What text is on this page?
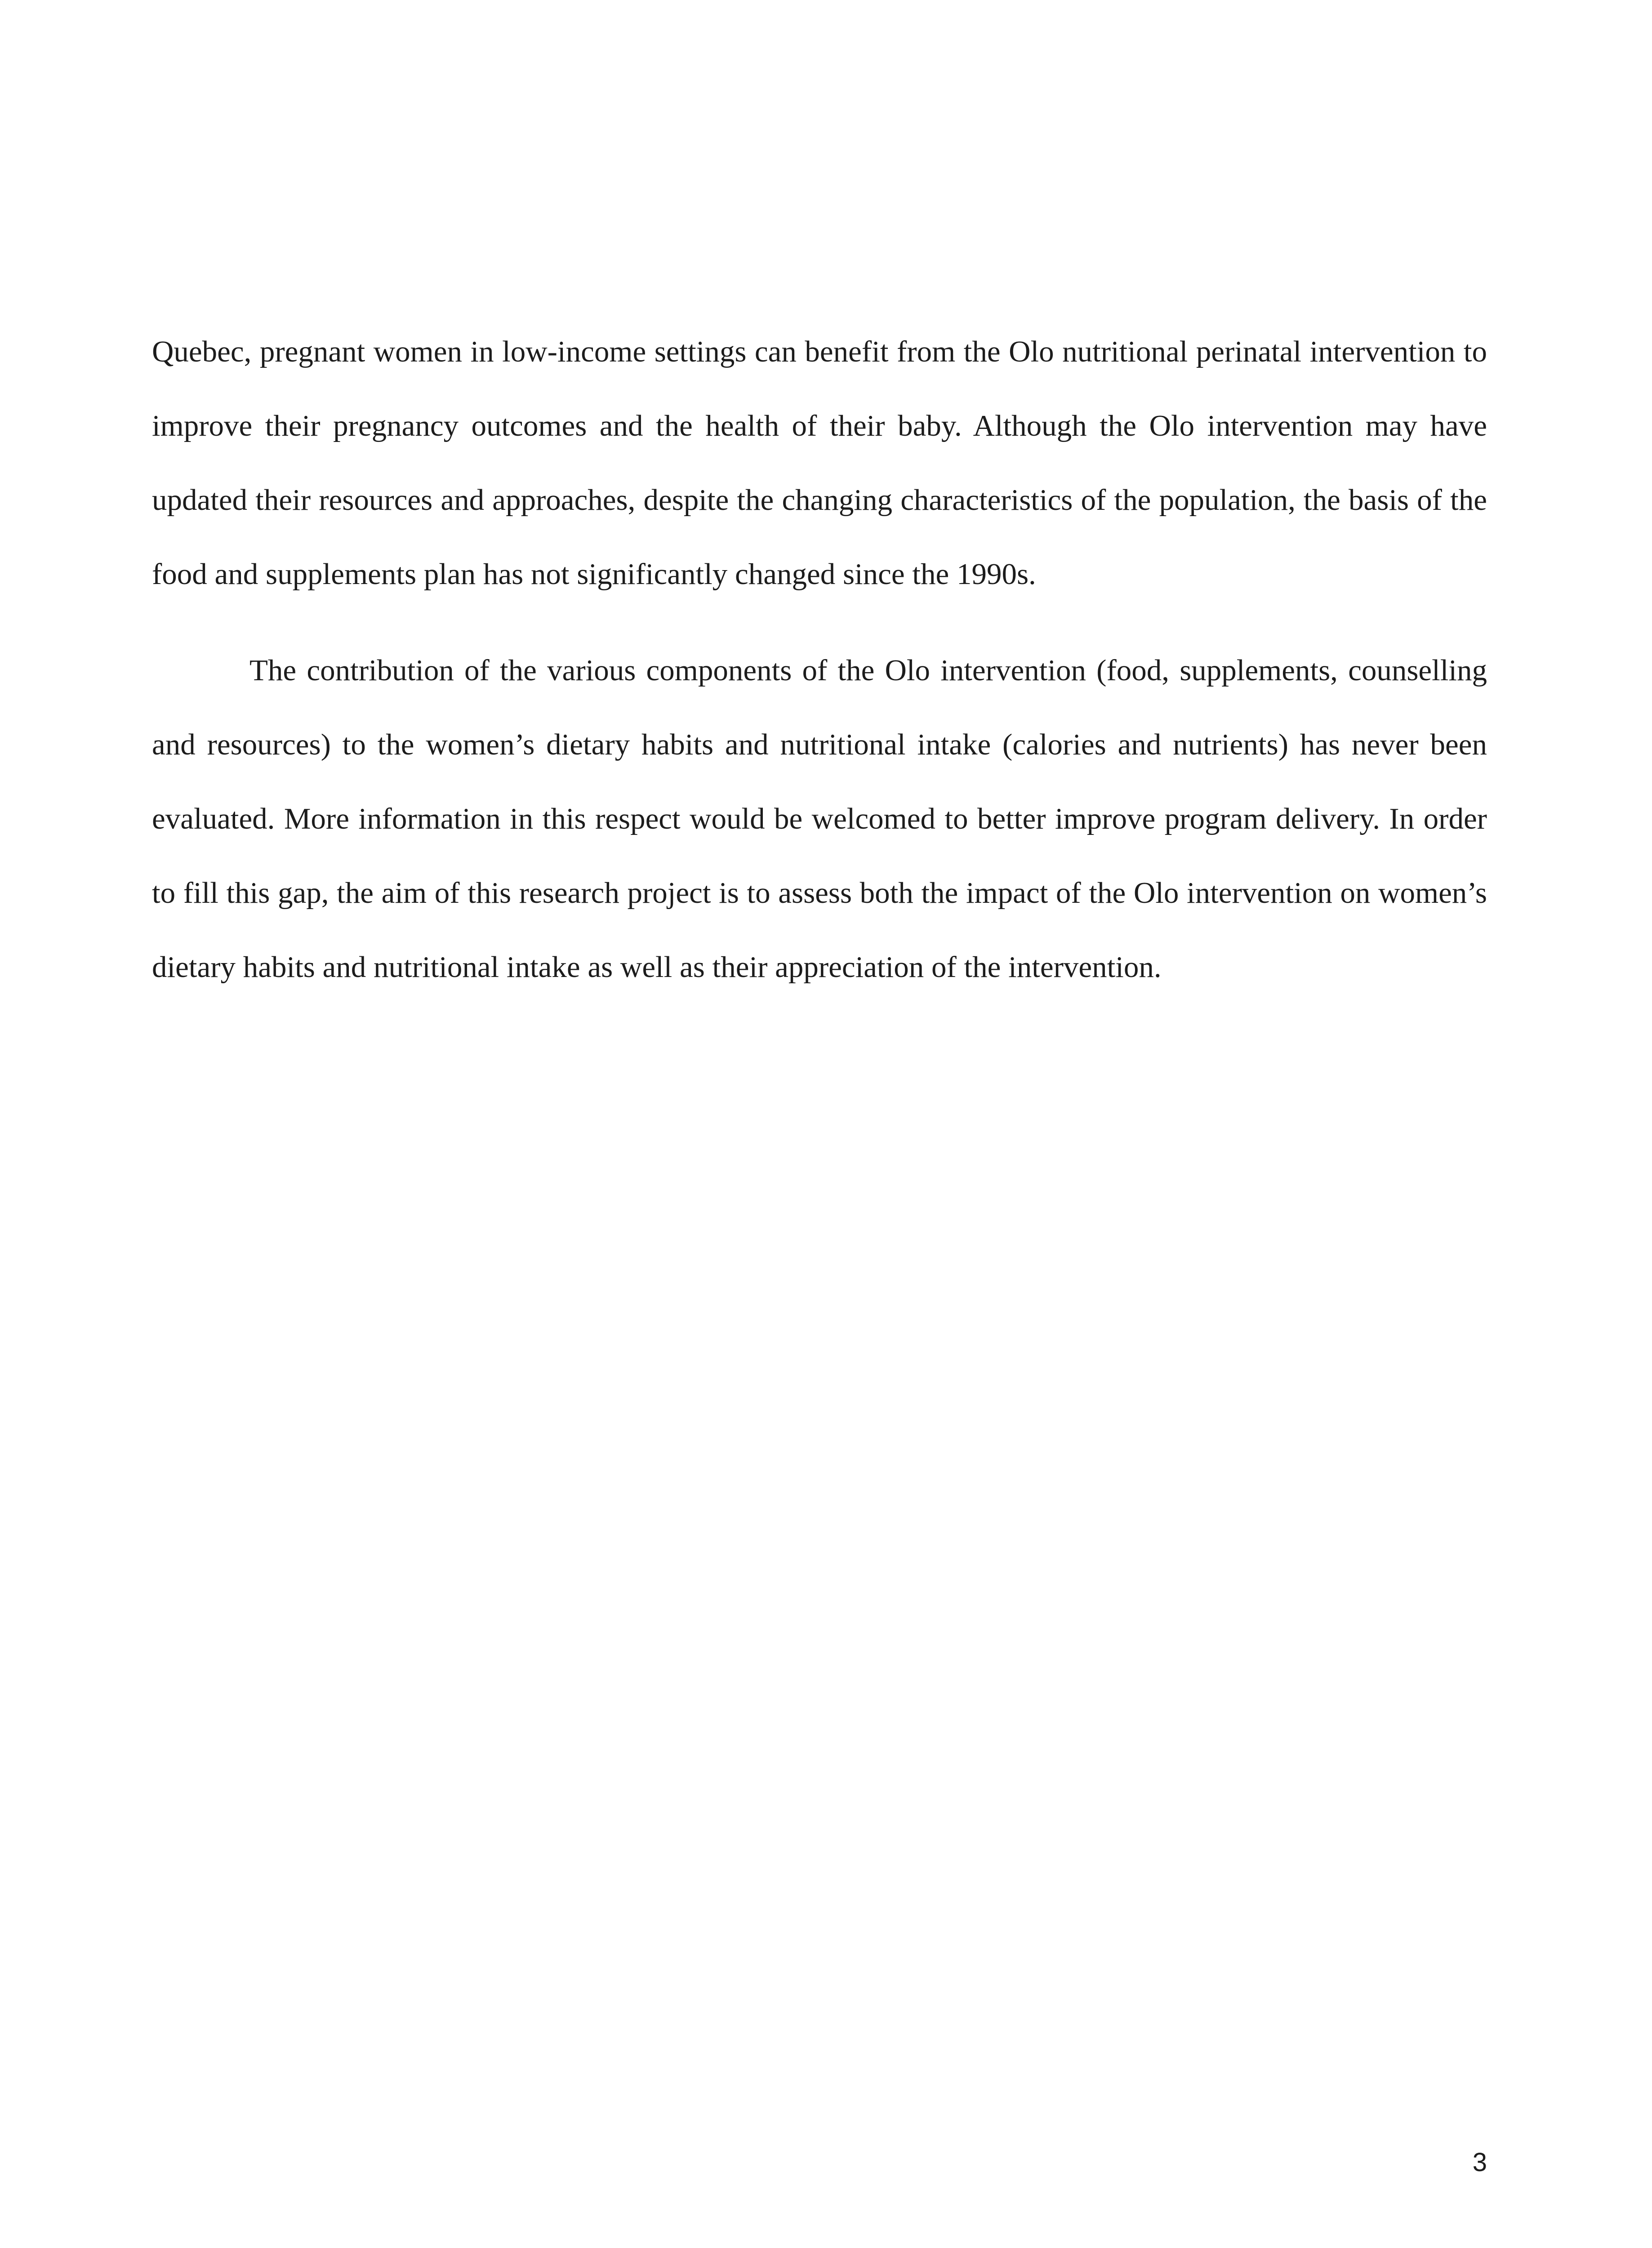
Quebec, pregnant women in low-income settings can benefit from the Olo nutritional perinatal intervention to improve their pregnancy outcomes and the health of their baby. Although the Olo intervention may have updated their resources and approaches, despite the changing characteristics of the population, the basis of the food and supplements plan has not significantly changed since the 1990s.

The contribution of the various components of the Olo intervention (food, supplements, counselling and resources) to the women’s dietary habits and nutritional intake (calories and nutrients) has never been evaluated. More information in this respect would be welcomed to better improve program delivery. In order to fill this gap, the aim of this research project is to assess both the impact of the Olo intervention on women’s dietary habits and nutritional intake as well as their appreciation of the intervention.

3
